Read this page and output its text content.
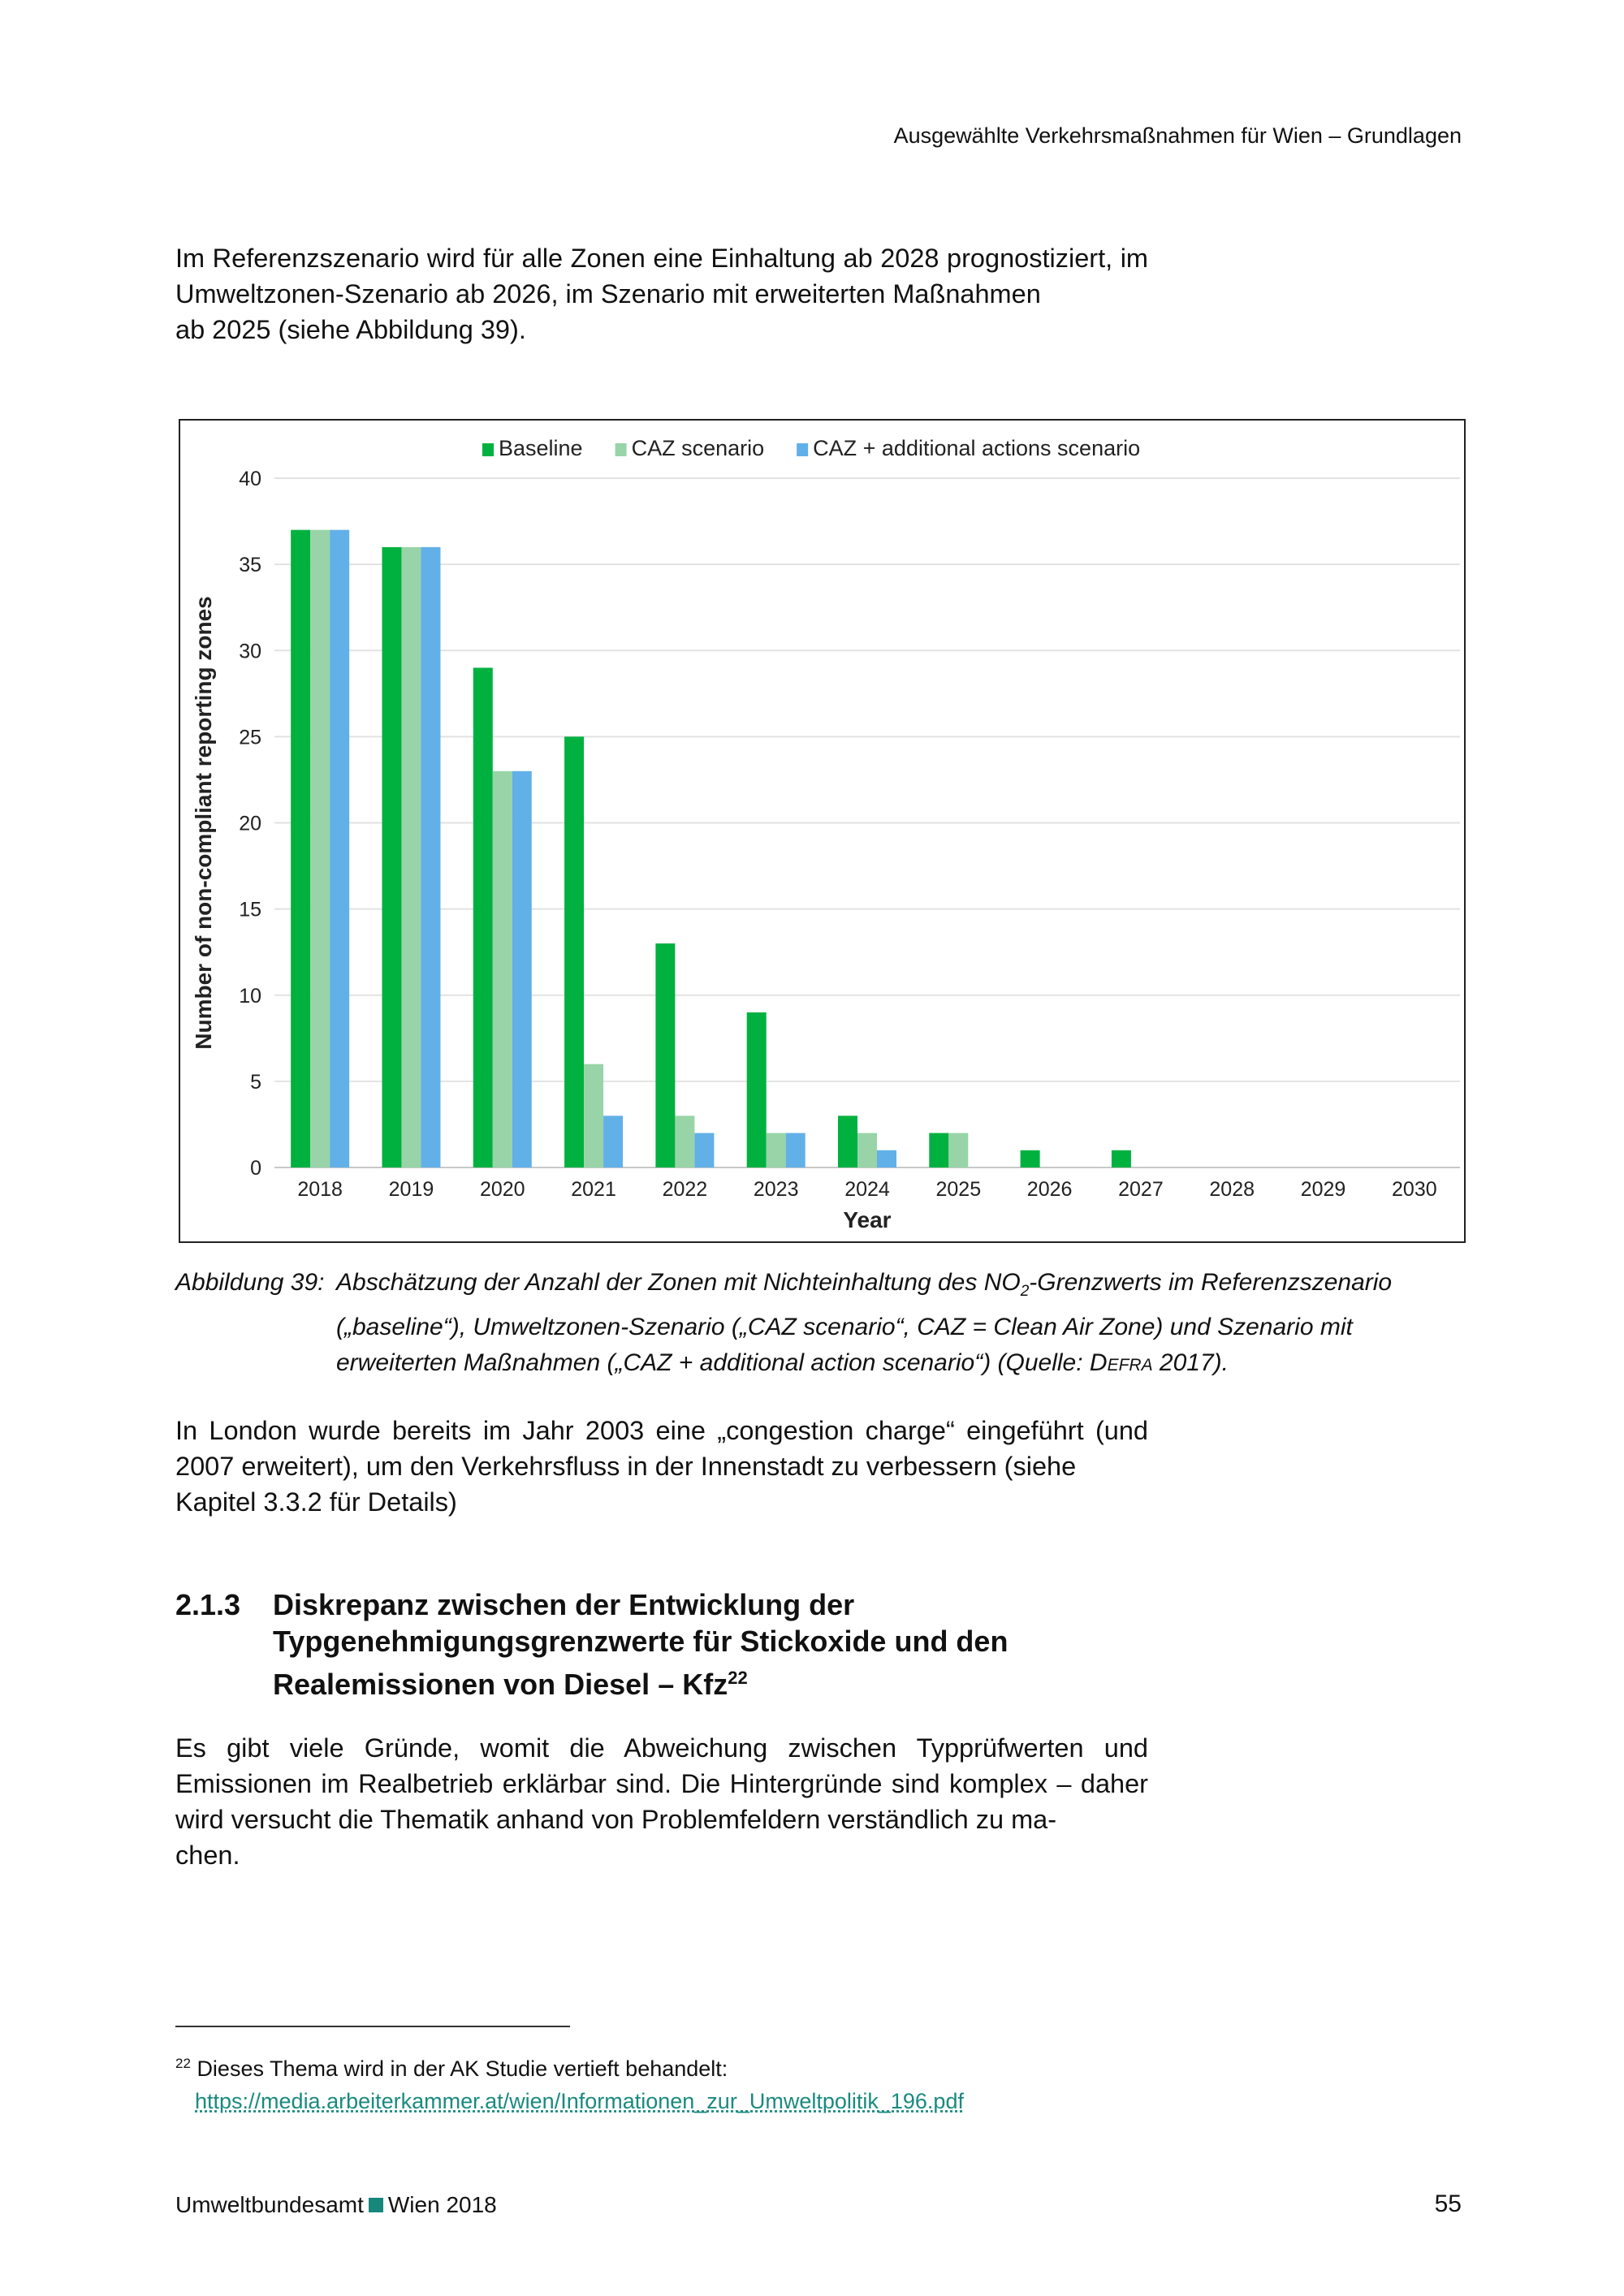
Ausgewählte Verkehrsmaßnahmen für Wien – Grundlagen
Im Referenzszenario wird für alle Zonen eine Einhaltung ab 2028 prognostiziert, im Umweltzonen-Szenario ab 2026, im Szenario mit erweiterten Maßnahmen
ab 2025 (siehe Abbildung 39).
0
5
10
15
20
25
30
35
40
2018 2019 2020 2021 2022 2023 2024 2025 2026 2027 2028 2029 2030
Year
Number of non-compliant reporting zones
Baseline CAZ scenario CAZ + additional actions scenario
Abbildung 39: Abschätzung der Anzahl der Zonen mit Nichteinhaltung des $NO_2$-Grenzwerts im Referenzszenario („baseline“), Umweltzonen-Szenario („CAZ scenario“, CAZ = Clean Air Zone) und Szenario mit erweiterten Maßnahmen („CAZ + additional action scenario“) (Quelle: Defra 2017).
In London wurde bereits im Jahr 2003 eine „congestion charge“ eingeführt (und 2007 erweitert), um den Verkehrsfluss in der Innenstadt zu verbessern (siehe
Kapitel 3.3.2 für Details)
2.1.3 Diskrepanz zwischen der Entwicklung der Typgenehmigungsgrenzwerte für Stickoxide und den Realemissionen von Diesel – Kfz$^{22}$
Es gibt viele Gründe, womit die Abweichung zwischen Typprüfwerten und Emissionen im Realbetrieb erklärbar sind. Die Hintergründe sind komplex – daher wird versucht die Thematik anhand von Problemfeldern verständlich zu ma-
chen.
$^{22}$ Dieses Thema wird in der AK Studie vertieft behandelt:
https://media.arbeiterkammer.at/wien/Informationen_zur_Umweltpolitik_196.pdf
Umweltbundesamt Wien 2018	55
